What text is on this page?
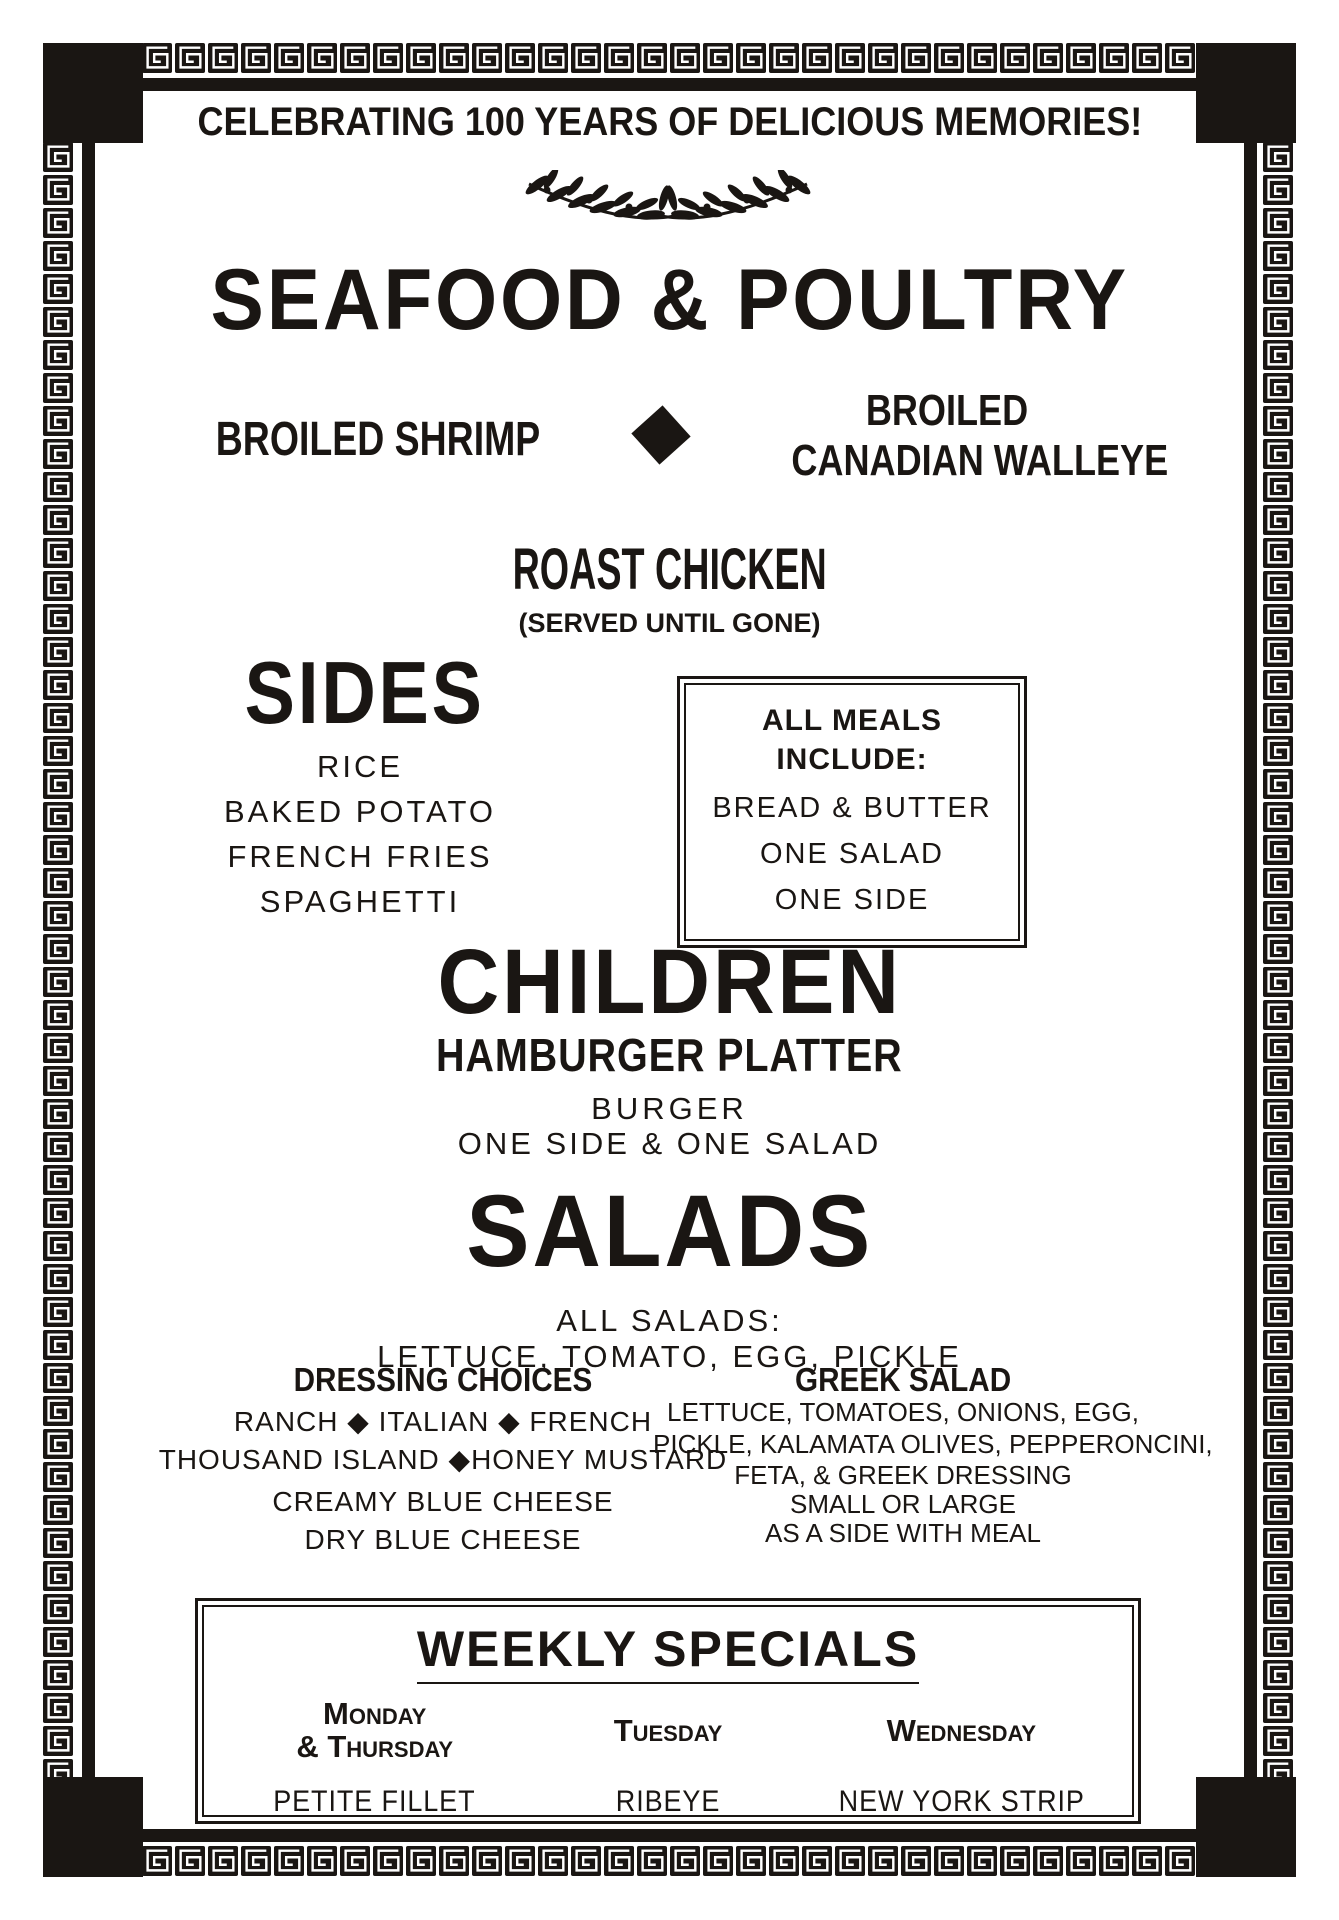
CELEBRATING 100 YEARS OF DELICIOUS MEMORIES!
SEAFOOD & POULTRY
BROILED SHRIMP
BROILED
CANADIAN WALLEYE
ROAST CHICKEN
(SERVED UNTIL GONE)
SIDES
RICE
BAKED POTATO
FRENCH FRIES
SPAGHETTI
ALL MEALS
INCLUDE:
BREAD & BUTTER
ONE SALAD
ONE SIDE
CHILDREN
HAMBURGER PLATTER
BURGER
ONE SIDE & ONE SALAD
SALADS
ALL SALADS:
LETTUCE, TOMATO, EGG, PICKLE
DRESSING CHOICES
RANCH ◆ ITALIAN ◆ FRENCH
THOUSAND ISLAND ◆HONEY MUSTARD
CREAMY BLUE CHEESE
DRY BLUE CHEESE
GREEK SALAD
LETTUCE, TOMATOES, ONIONS, EGG,
PICKLE, KALAMATA OLIVES, PEPPERONCINI,
FETA, & GREEK DRESSING
SMALL OR LARGE
AS A SIDE WITH MEAL
WEEKLY SPECIALS
Monday
& Thursday	Tuesday	Wednesday
PETITE FILLET	RIBEYE	NEW YORK STRIP
